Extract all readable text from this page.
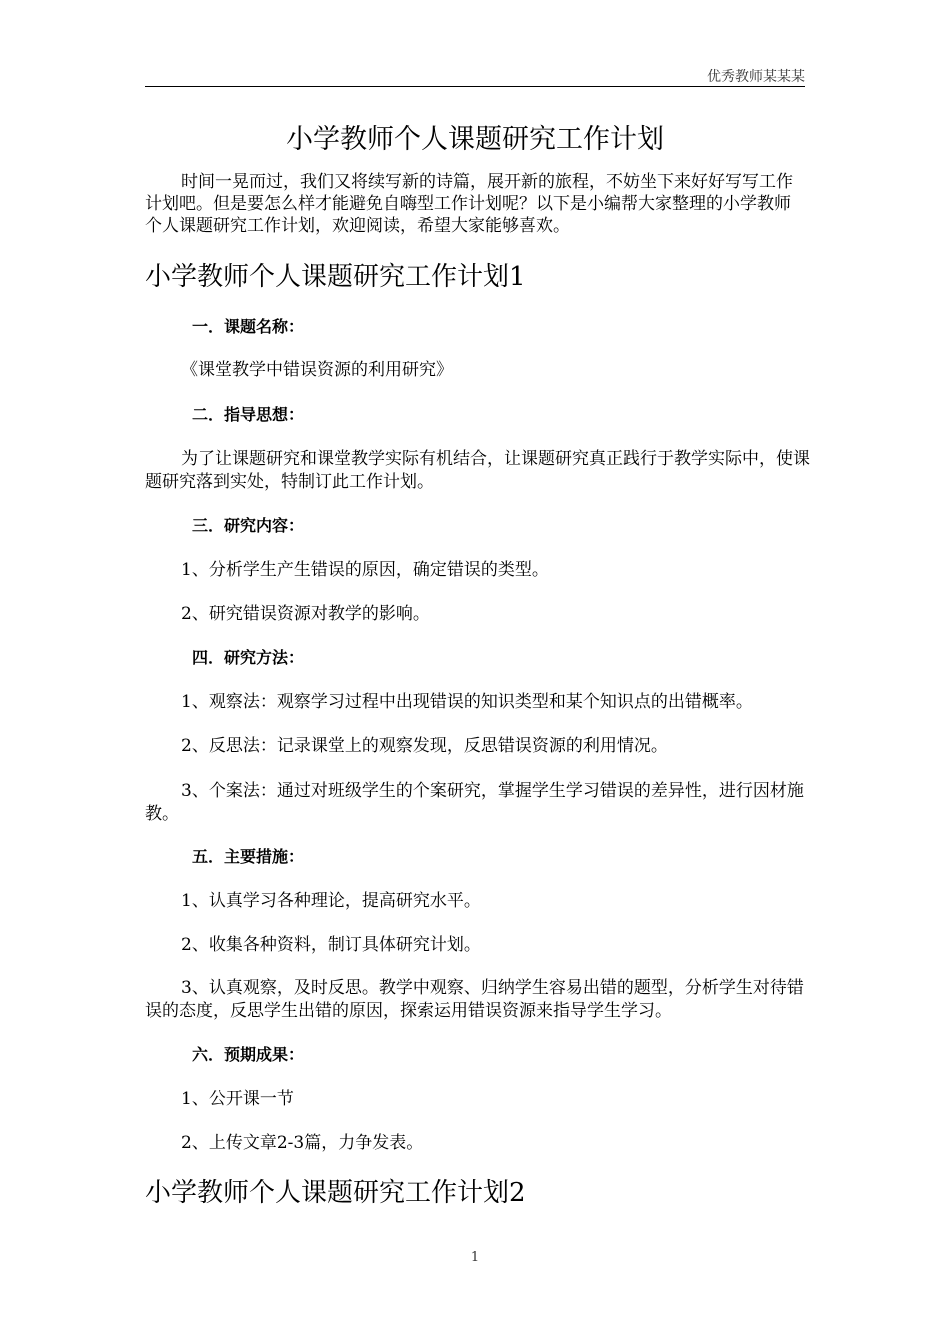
优秀教师某某某
小学教师个人课题研究工作计划

时间一晃而过，我们又将续写新的诗篇，展开新的旅程，不妨坐下来好好写写工作计划吧。但是要怎么样才能避免自嗨型工作计划呢？以下是小编帮大家整理的小学教师个人课题研究工作计划，欢迎阅读，希望大家能够喜欢。

小学教师个人课题研究工作计划1
一．课题名称：

《课堂教学中错误资源的利用研究》

二．指导思想：

为了让课题研究和课堂教学实际有机结合，让课题研究真正践行于教学实际中，使课题研究落到实处，特制订此工作计划。

三．研究内容：

1、分析学生产生错误的原因，确定错误的类型。

2、研究错误资源对教学的影响。

四．研究方法：

1、观察法：观察学习过程中出现错误的知识类型和某个知识点的出错概率。

2、反思法：记录课堂上的观察发现，反思错误资源的利用情况。

3、个案法：通过对班级学生的个案研究，掌握学生学习错误的差异性，进行因材施教。

五．主要措施：

1、认真学习各种理论，提高研究水平。

2、收集各种资料，制订具体研究计划。

3、认真观察，及时反思。教学中观察、归纳学生容易出错的题型，分析学生对待错误的态度，反思学生出错的原因，探索运用错误资源来指导学生学习。

六．预期成果：

1、公开课一节

2、上传文章2-3篇，力争发表。

小学教师个人课题研究工作计划2
1
